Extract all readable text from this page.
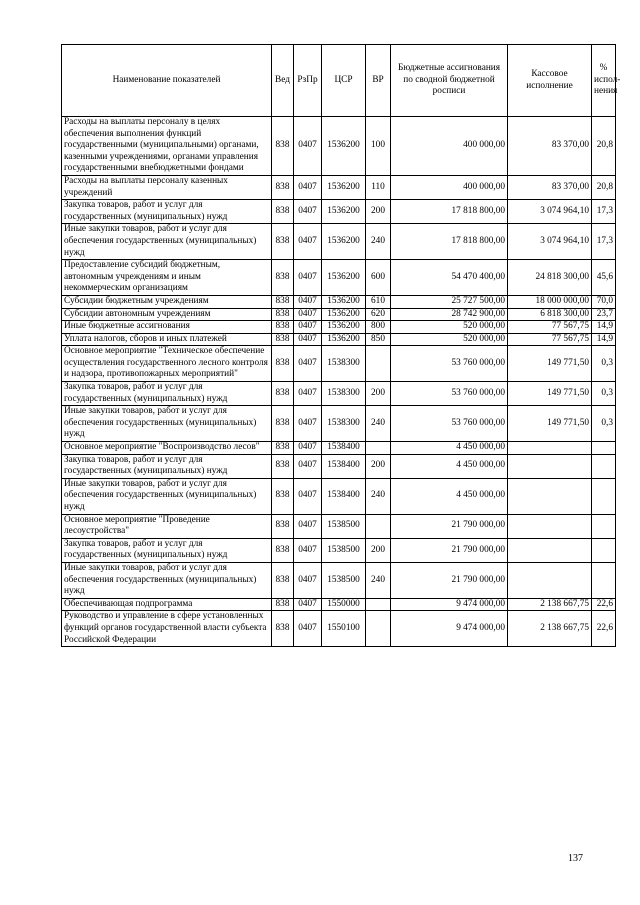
Наименование показателей	Вед	РзПр	ЦСР	ВР	Бюджетные ассигнования по сводной бюджетной росписи	Кассовое исполнение	% испол-нения
Расходы на выплаты персоналу в целях обеспечения выполнения функций государственными (муниципальными) органами, казенными учреждениями, органами управления государственными внебюджетными фондами	838	0407	1536200	100	400 000,00	83 370,00	20,8
Расходы на выплаты персоналу казенных учреждений	838	0407	1536200	110	400 000,00	83 370,00	20,8
Закупка товаров, работ и услуг для государственных (муниципальных) нужд	838	0407	1536200	200	17 818 800,00	3 074 964,10	17,3
Иные закупки товаров, работ и услуг для обеспечения государственных (муниципальных) нужд	838	0407	1536200	240	17 818 800,00	3 074 964,10	17,3
Предоставление субсидий бюджетным, автономным учреждениям и иным некоммерческим организациям	838	0407	1536200	600	54 470 400,00	24 818 300,00	45,6
Субсидии бюджетным учреждениям	838	0407	1536200	610	25 727 500,00	18 000 000,00	70,0
Субсидии автономным учреждениям	838	0407	1536200	620	28 742 900,00	6 818 300,00	23,7
Иные бюджетные ассигнования	838	0407	1536200	800	520 000,00	77 567,75	14,9
Уплата налогов, сборов и иных платежей	838	0407	1536200	850	520 000,00	77 567,75	14,9
Основное мероприятие "Техническое обеспечение осуществления государственного лесного контроля и надзора, противопожарных мероприятий"	838	0407	1538300		53 760 000,00	149 771,50	0,3
Закупка товаров, работ и услуг для государственных (муниципальных) нужд	838	0407	1538300	200	53 760 000,00	149 771,50	0,3
Иные закупки товаров, работ и услуг для обеспечения государственных (муниципальных) нужд	838	0407	1538300	240	53 760 000,00	149 771,50	0,3
Основное мероприятие "Воспроизводство лесов"	838	0407	1538400		4 450 000,00		
Закупка товаров, работ и услуг для государственных (муниципальных) нужд	838	0407	1538400	200	4 450 000,00		
Иные закупки товаров, работ и услуг для обеспечения государственных (муниципальных) нужд	838	0407	1538400	240	4 450 000,00		
Основное мероприятие "Проведение лесоустройства"	838	0407	1538500		21 790 000,00		
Закупка товаров, работ и услуг для государственных (муниципальных) нужд	838	0407	1538500	200	21 790 000,00		
Иные закупки товаров, работ и услуг для обеспечения государственных (муниципальных) нужд	838	0407	1538500	240	21 790 000,00		
Обеспечивающая подпрограмма	838	0407	1550000		9 474 000,00	2 138 667,75	22,6
Руководство и управление в сфере установленных функций органов государственной власти субъекта Российской Федерации	838	0407	1550100		9 474 000,00	2 138 667,75	22,6
137
